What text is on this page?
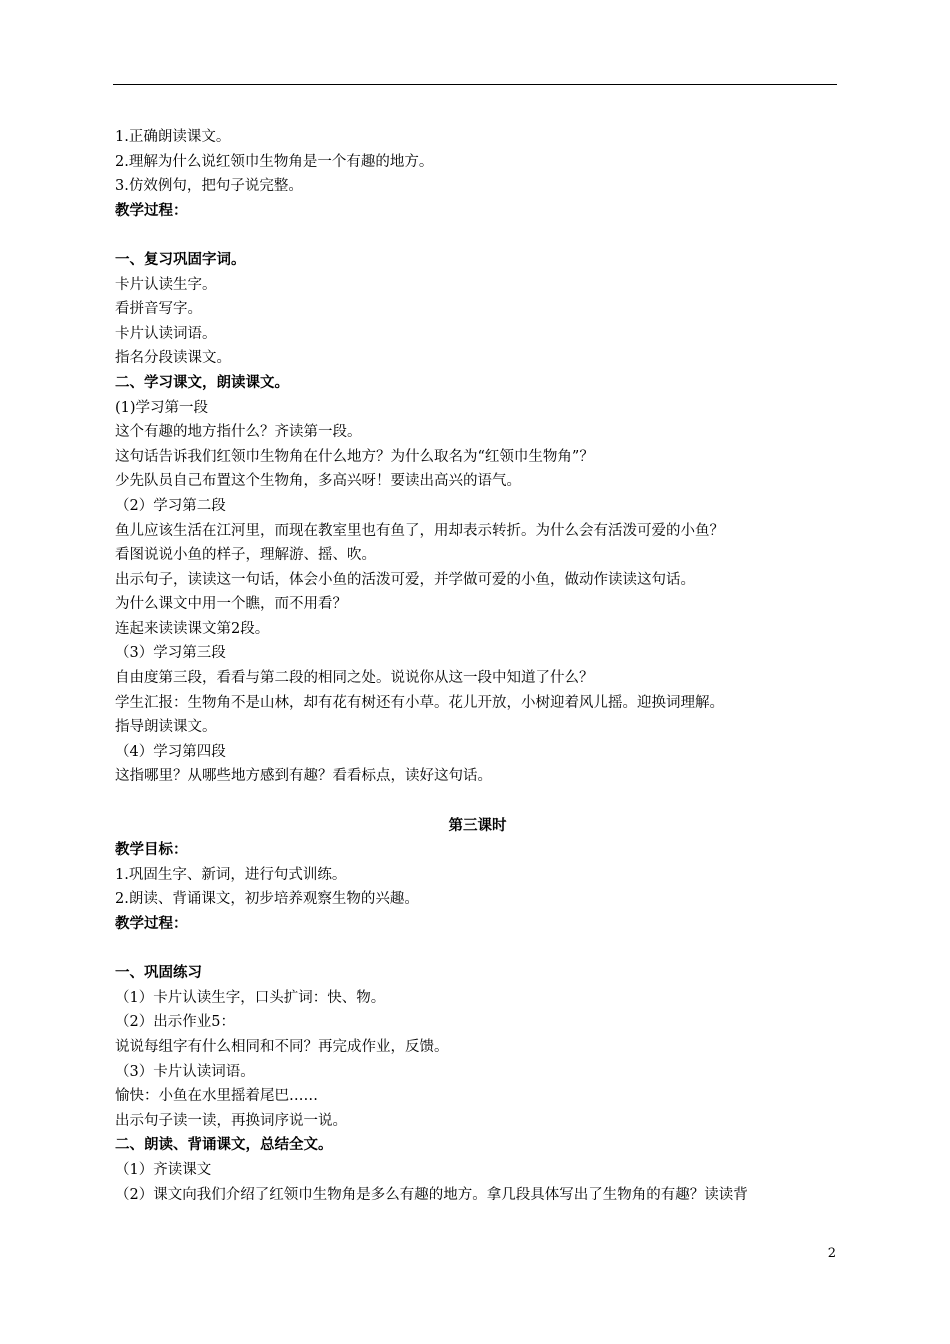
1.正确朗读课文。
2.理解为什么说红领巾生物角是一个有趣的地方。
3.仿效例句，把句子说完整。
教学过程：
一、复习巩固字词。
卡片认读生字。
看拼音写字。
卡片认读词语。
指名分段读课文。
二、学习课文，朗读课文。
(1)学习第一段
这个有趣的地方指什么？齐读第一段。
这句话告诉我们红领巾生物角在什么地方？为什么取名为“红领巾生物角”？
少先队员自己布置这个生物角，多高兴呀！要读出高兴的语气。
（2）学习第二段
鱼儿应该生活在江河里，而现在教室里也有鱼了，用却表示转折。为什么会有活泼可爱的小鱼？
看图说说小鱼的样子，理解游、摇、吹。
出示句子，读读这一句话，体会小鱼的活泼可爱，并学做可爱的小鱼，做动作读读这句话。
为什么课文中用一个瞧，而不用看？
连起来读读课文第2段。
（3）学习第三段
自由度第三段，看看与第二段的相同之处。说说你从这一段中知道了什么？
学生汇报：生物角不是山林，却有花有树还有小草。花儿开放，小树迎着风儿摇。迎换词理解。
指导朗读课文。
（4）学习第四段
这指哪里？从哪些地方感到有趣？看看标点，读好这句话。
第三课时
教学目标：
1.巩固生字、新词，进行句式训练。
2.朗读、背诵课文，初步培养观察生物的兴趣。
教学过程：
一、巩固练习
（1）卡片认读生字，口头扩词：快、物。
（2）出示作业5：
说说每组字有什么相同和不同？再完成作业，反馈。
（3）卡片认读词语。
愉快：小鱼在水里摇着尾巴……
出示句子读一读，再换词序说一说。
二、朗读、背诵课文，总结全文。
（1）齐读课文
（2）课文向我们介绍了红领巾生物角是多么有趣的地方。拿几段具体写出了生物角的有趣？读读背
2
